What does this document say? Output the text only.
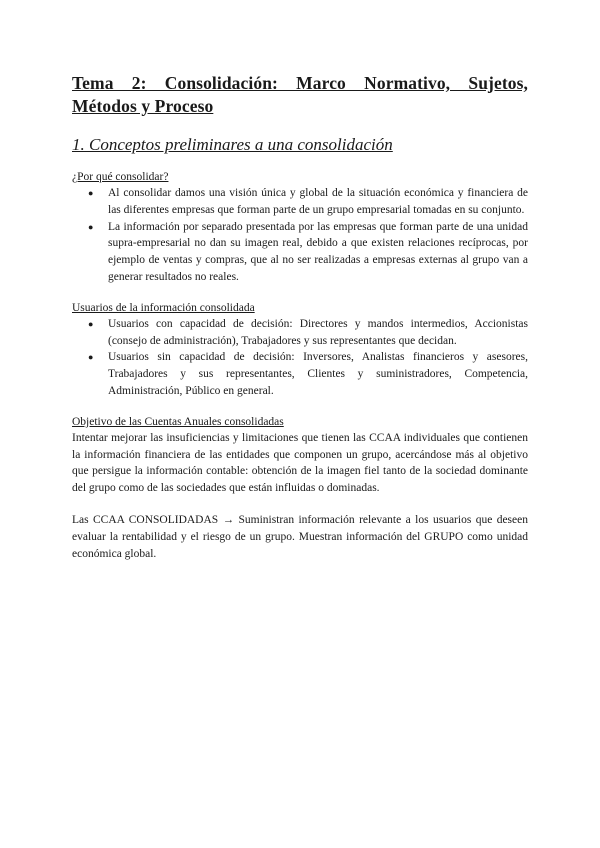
Tema 2: Consolidación: Marco Normativo, Sujetos, Métodos y Proceso
1. Conceptos preliminares a una consolidación

¿Por qué consolidar?

● Al consolidar damos una visión única y global de la situación económica y financiera de las diferentes empresas que forman parte de un grupo empresarial tomadas en su conjunto.
● La información por separado presentada por las empresas que forman parte de una unidad supra-empresarial no dan su imagen real, debido a que existen relaciones recíprocas, por ejemplo de ventas y compras, que al no ser realizadas a empresas externas al grupo van a generar resultados no reales.

Usuarios de la información consolidada

● Usuarios con capacidad de decisión: Directores y mandos intermedios, Accionistas (consejo de administración), Trabajadores y sus representantes que decidan.
● Usuarios sin capacidad de decisión: Inversores, Analistas financieros y asesores, Trabajadores y sus representantes, Clientes y suministradores, Competencia, Administración, Público en general.

Objetivo de las Cuentas Anuales consolidadas

Intentar mejorar las insuficiencias y limitaciones que tienen las CCAA individuales que contienen la información financiera de las entidades que componen un grupo, acercándose más al objetivo que persigue la información contable: obtención de la imagen fiel tanto de la sociedad dominante del grupo como de las sociedades que están influidas o dominadas.

Las CCAA CONSOLIDADAS → Suministran información relevante a los usuarios que deseen evaluar la rentabilidad y el riesgo de un grupo. Muestran información del GRUPO como unidad económica global.
